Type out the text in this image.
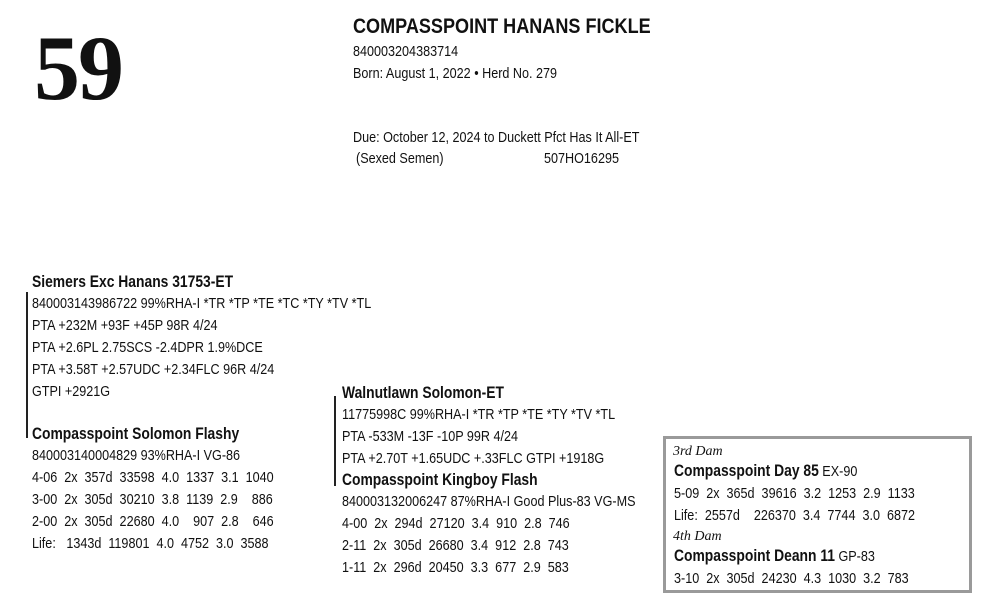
59	COMPASSPOINT HANANS FICKLE
840003204383714
Born: August 1, 2022 • Herd No. 279
Due: October 12, 2024 to Duckett Pfct Has It All-ET
(Sexed Semen)	507HO16295
Siemers Exc Hanans 31753-ET
840003143986722 99%RHA-I *TR *TP *TE *TC *TY *TV *TL
PTA +232M +93F +45P 98R 4/24
PTA +2.6PL 2.75SCS -2.4DPR 1.9%DCE
PTA +3.58T +2.57UDC +2.34FLC 96R 4/24
GTPI +2921G
Compasspoint Solomon Flashy
840003140004829 93%RHA-I VG-86
4-06  2x  357d  33598  4.0  1337  3.1  1040
3-00  2x  305d  30210  3.8  1139  2.9    886
2-00  2x  305d  22680  4.0    907  2.8    646
Life:   1343d  119801  4.0  4752  3.0  3588
Walnutlawn Solomon-ET
11775998C 99%RHA-I *TR *TP *TE *TY *TV *TL
PTA -533M -13F -10P 99R 4/24
PTA +2.70T +1.65UDC +.33FLC GTPI +1918G
Compasspoint Kingboy Flash
840003132006247 87%RHA-I Good Plus-83 VG-MS
4-00  2x  294d  27120  3.4  910  2.8  746
2-11  2x  305d  26680  3.4  912  2.8  743
1-11  2x  296d  20450  3.3  677  2.9  583
3rd Dam
Compasspoint Day 85 EX-90
5-09  2x  365d  39616  3.2  1253  2.9  1133
Life:  2557d    226370  3.4  7744  3.0  6872
4th Dam
Compasspoint Deann 11 GP-83
3-10  2x  305d  24230  4.3  1030  3.2  783
